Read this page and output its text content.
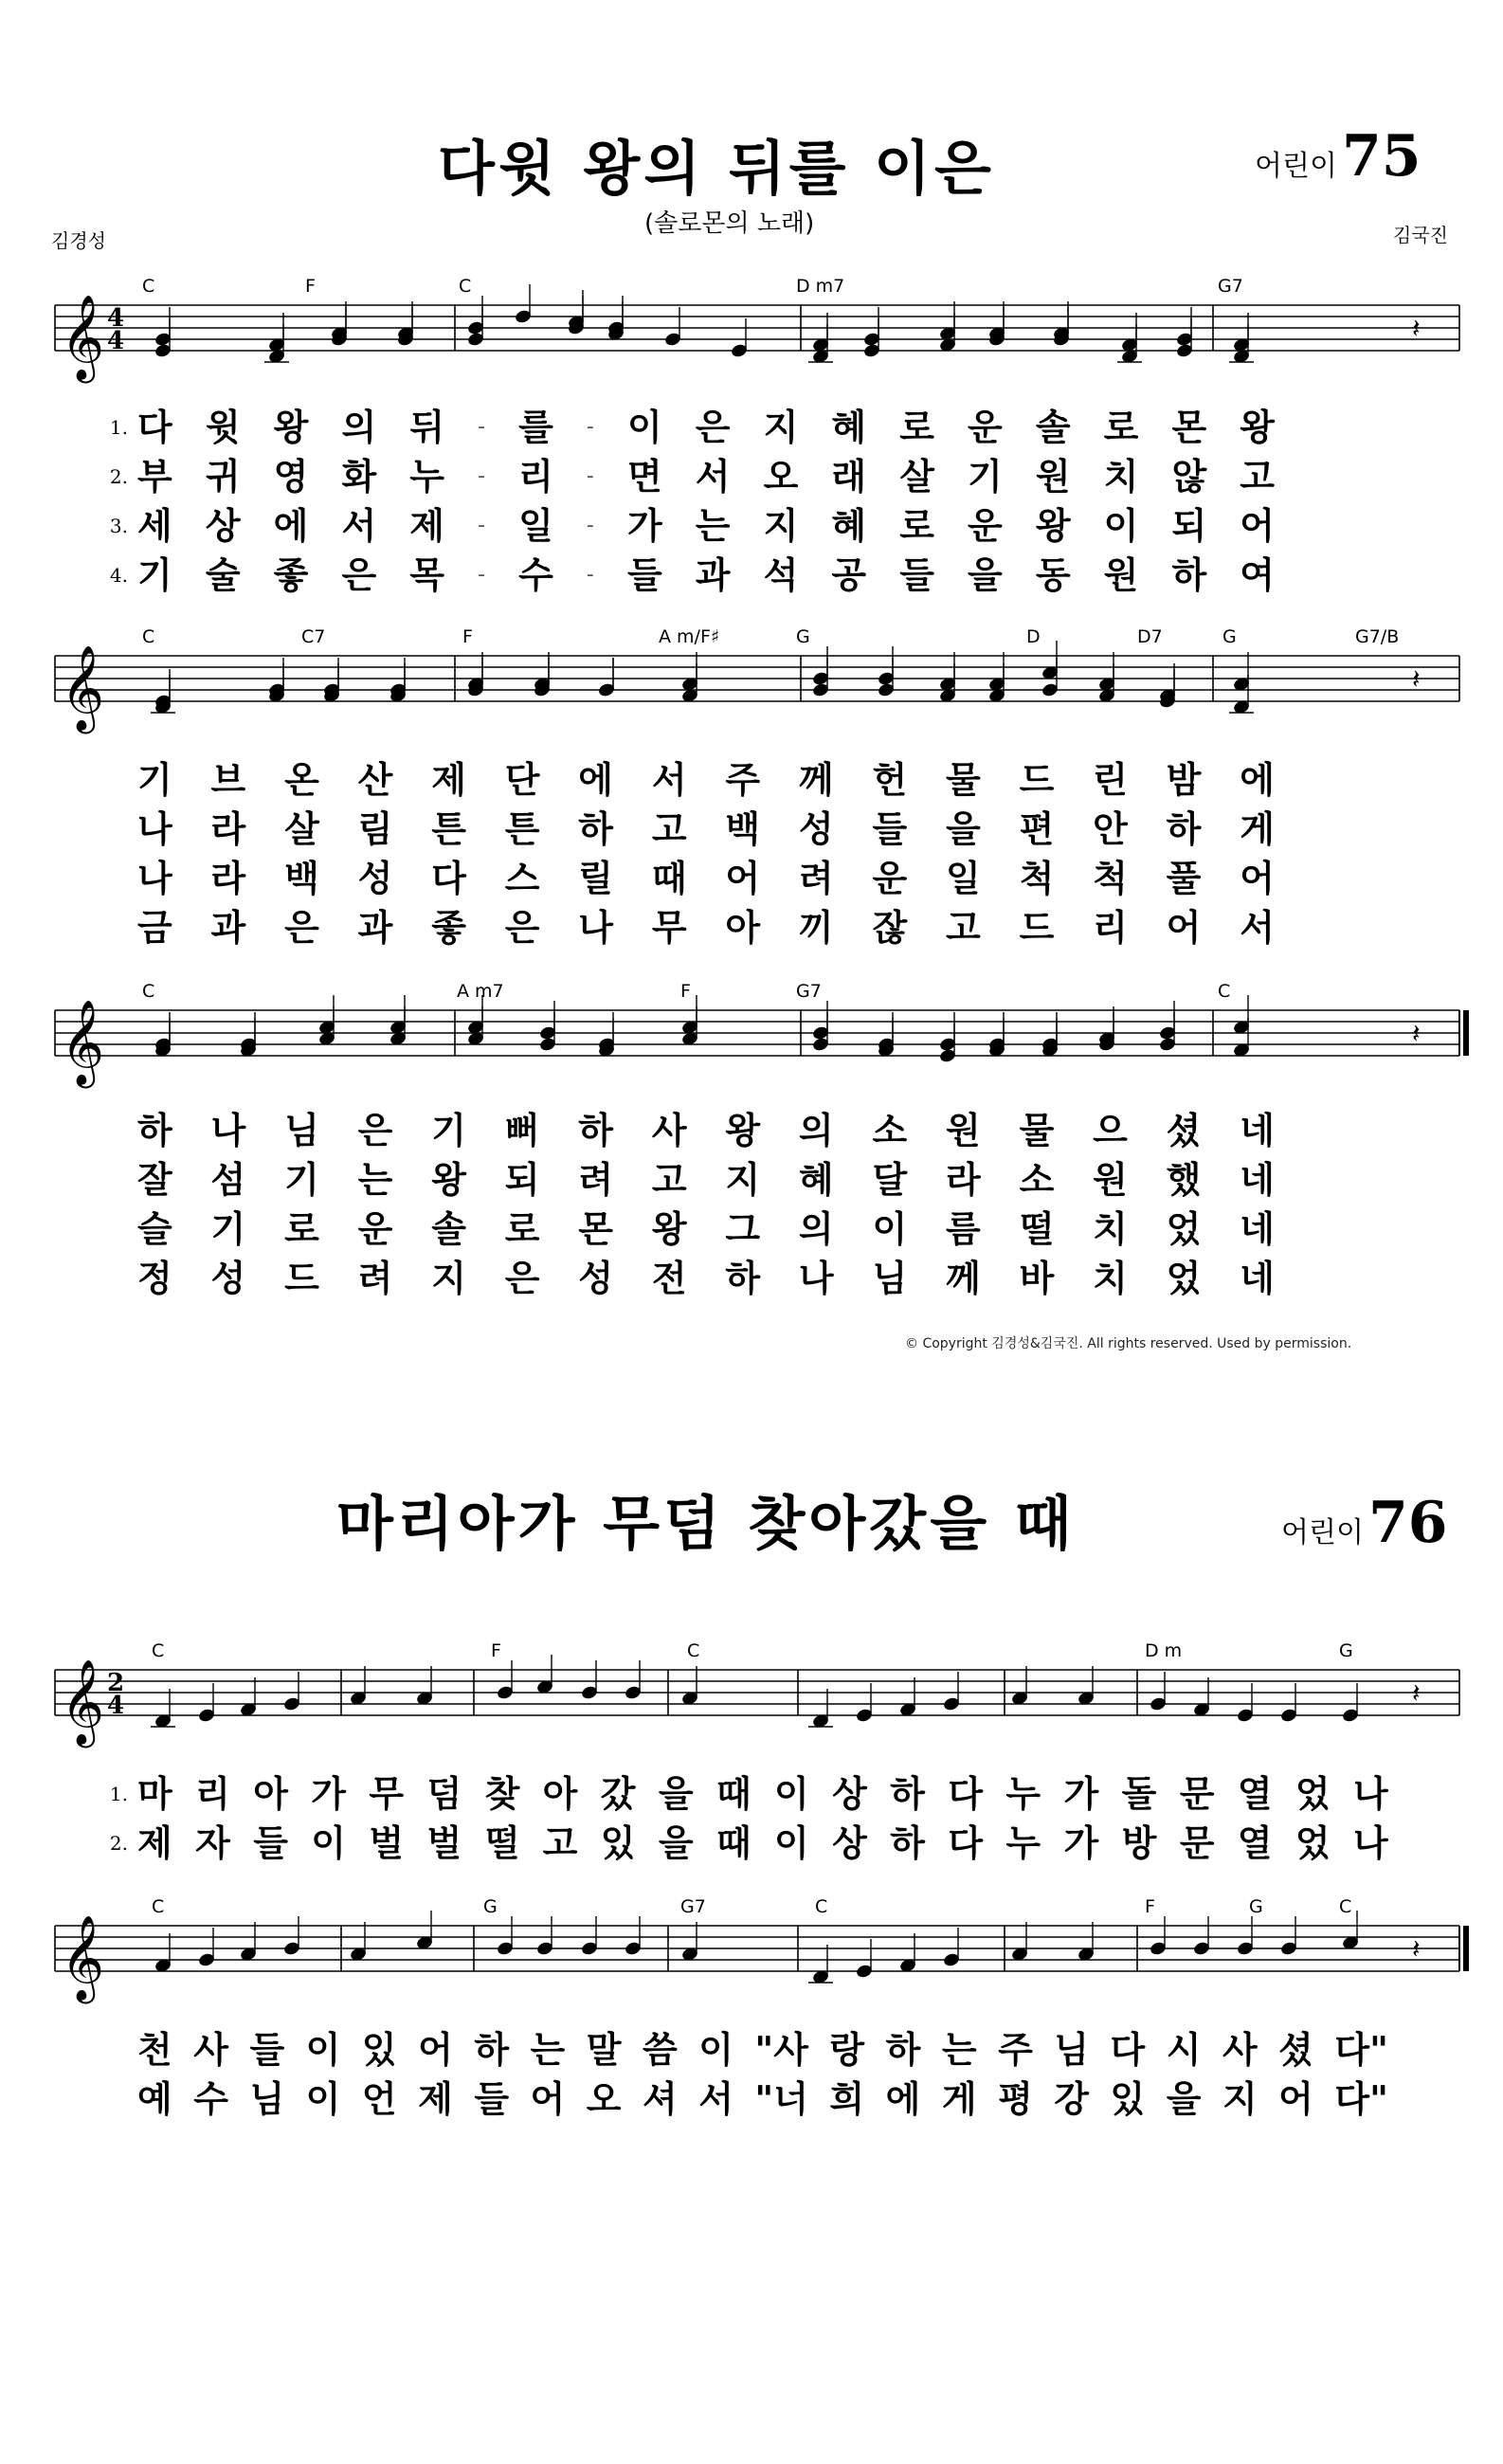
다윗 왕의 뒤를 이은	어린이 75
(솔로몬의 노래)
김경성	김국진
𝄞 4
4
C	F	C	D m7	G7
𝄽
1. 다 윗 왕 의 뒤 - 를 - 이 은 지 혜 로 운 솔 로 몬 왕
2. 부 귀 영 화 누 - 리 - 면 서 오 래 살 기 원 치 않 고
3. 세 상 에 서 제 - 일 - 가 는 지 혜 로 운 왕 이 되 어
4. 기 술 좋 은 목 - 수 - 들 과 석 공 들 을 동 원 하 여
𝄞
C	C7	F	A m/F♯	G	D	D7	G	G7/B
𝄽
기 브 온 산 제 단 에 서 주 께 헌 물 드 린 밤 에
나 라 살 림 튼 튼 하 고 백 성 들 을 편 안 하 게
나 라 백 성 다 스 릴 때 어 려 운 일 척 척 풀 어
금 과 은 과 좋 은 나 무 아 끼 잖 고 드 리 어 서
𝄞
C	A m7	F	G7	C
𝄽
하 나 님 은 기 뻐 하 사 왕 의 소 원 물 으 셨 네
잘 섬 기 는 왕 되 려 고 지 혜 달 라 소 원 했 네
슬 기 로 운 솔 로 몬 왕 그 의 이 름 떨 치 었 네
정 성 드 려 지 은 성 전 하 나 님 께 바 치 었 네
© Copyright 김경성&김국진. All rights reserved. Used by permission.
마리아가 무덤 찾아갔을 때	어린이 76
𝄞 2
4
C	F	C	D m	G
𝄽
1. 마 리 아 가 무 덤 찾 아 갔 을 때 이 상 하 다 누 가 돌 문 열 었 나
2. 제 자 들 이 벌 벌 떨 고 있 을 때 이 상 하 다 누 가 방 문 열 었 나
𝄞
C	G	G7	C	F	G	C
𝄽
천 사 들 이 있 어 하 는 말 씀 이 "사 랑 하 는 주 님 다 시 사 셨 다"
예 수 님 이 언 제 들 어 오 셔 서 "너 희 에 게 평 강 있 을 지 어 다"
